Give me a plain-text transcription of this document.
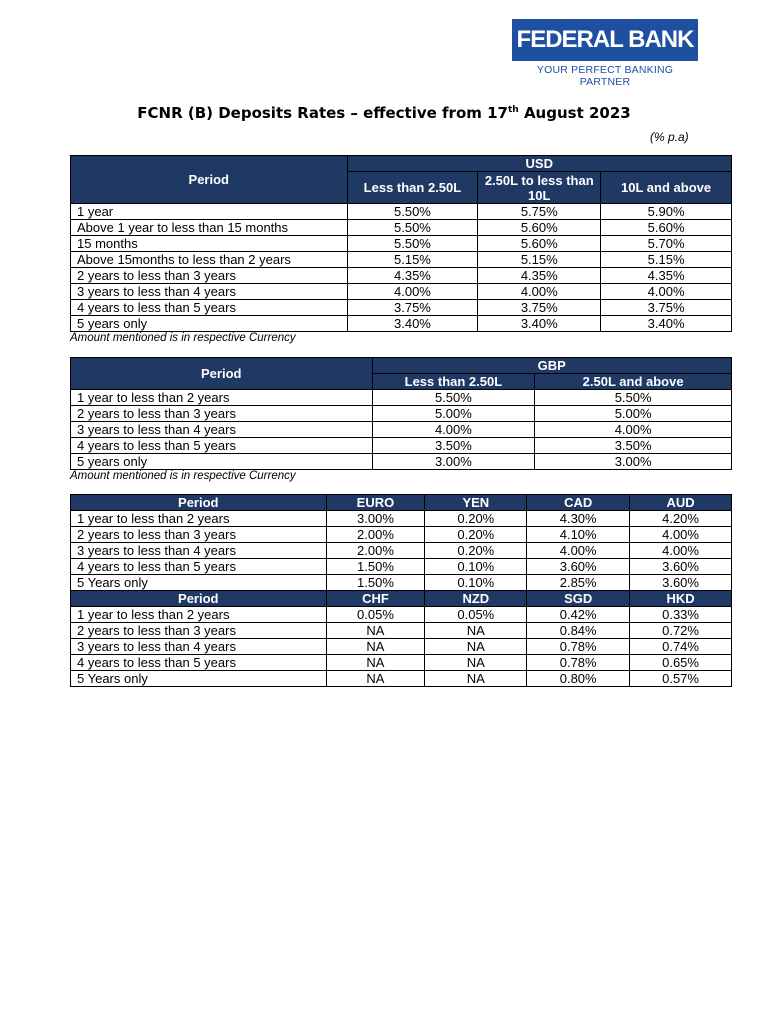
FEDERAL BANK
YOUR PERFECT BANKING PARTNER
FCNR (B) Deposits Rates – effective from 17th August 2023
(% p.a)
Period	USD		
	Less than 2.50L	2.50L to less than 10L	10L and above
1 year	5.50%	5.75%	5.90%
Above 1 year to less than 15 months	5.50%	5.60%	5.60%
15 months	5.50%	5.60%	5.70%
Above 15months to less than 2 years	5.15%	5.15%	5.15%
2 years to less than 3 years	4.35%	4.35%	4.35%
3 years to less than 4 years	4.00%	4.00%	4.00%
4 years to less than 5 years	3.75%	3.75%	3.75%
5 years only	3.40%	3.40%	3.40%
Amount mentioned is in respective Currency
Period	GBP	
	Less than 2.50L	2.50L and above
1 year to less than 2 years	5.50%	5.50%
2 years to less than 3 years	5.00%	5.00%
3 years to less than 4 years	4.00%	4.00%
4 years to less than 5 years	3.50%	3.50%
5 years only	3.00%	3.00%
Amount mentioned is in respective Currency
Period	EURO	YEN	CAD	AUD
1 year to less than 2 years	3.00%	0.20%	4.30%	4.20%
2 years to less than 3 years	2.00%	0.20%	4.10%	4.00%
3 years to less than 4 years	2.00%	0.20%	4.00%	4.00%
4 years to less than 5 years	1.50%	0.10%	3.60%	3.60%
5 Years only	1.50%	0.10%	2.85%	3.60%
Period	CHF	NZD	SGD	HKD
1 year to less than 2 years	0.05%	0.05%	0.42%	0.33%
2 years to less than 3 years	NA	NA	0.84%	0.72%
3 years to less than 4 years	NA	NA	0.78%	0.74%
4 years to less than 5 years	NA	NA	0.78%	0.65%
5 Years only	NA	NA	0.80%	0.57%
